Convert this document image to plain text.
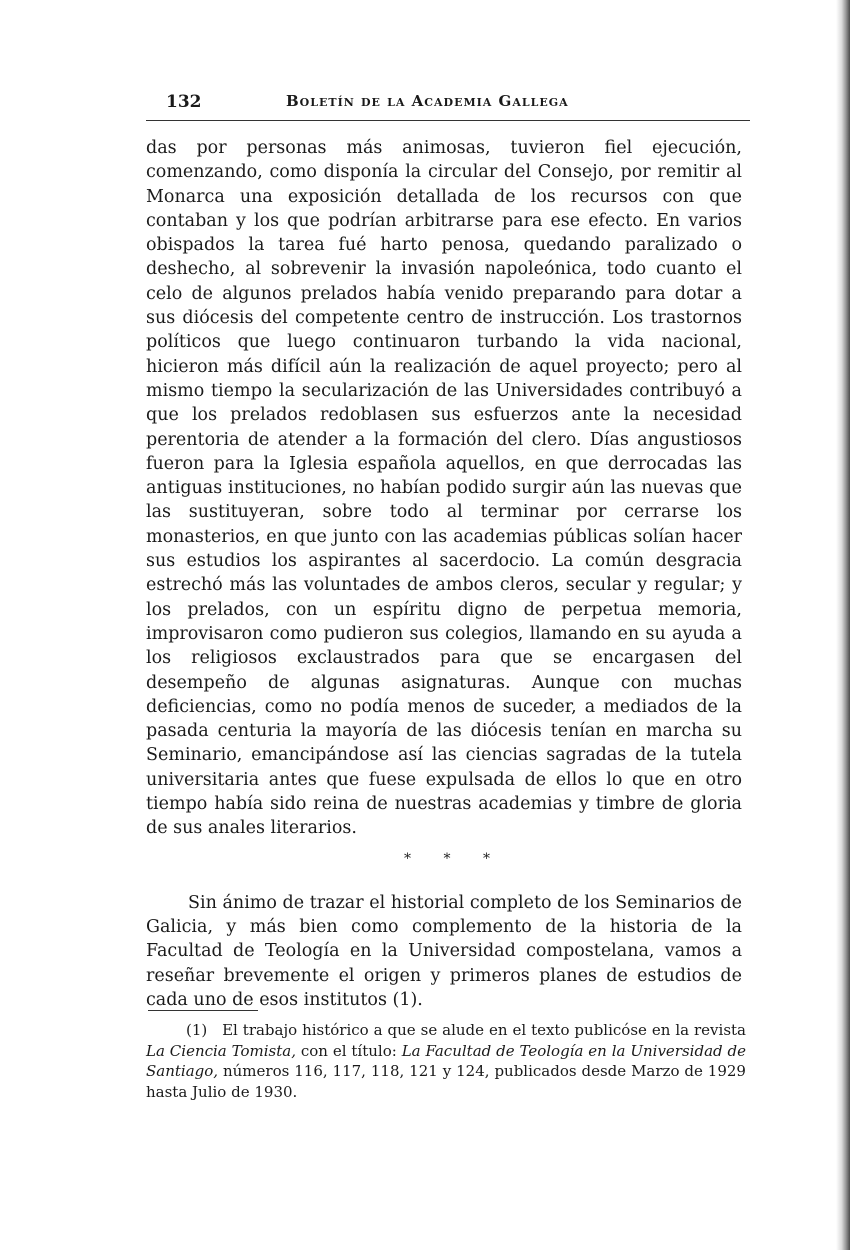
132	Boletín de la Academia Gallega

das por personas más animosas, tuvieron fiel ejecución, comenzando, como disponía la circular del Consejo, por remitir al Monarca una exposición detallada de los recursos con que contaban y los que podrían arbitrarse para ese efecto. En varios obispados la tarea fué harto penosa, quedando paralizado o deshecho, al sobrevenir la invasión napoleónica, todo cuanto el celo de algunos prelados había venido preparando para dotar a sus diócesis del competente centro de instrucción. Los trastornos políticos que luego continuaron turbando la vida nacional, hicieron más difícil aún la realización de aquel proyecto; pero al mismo tiempo la secularización de las Universidades contribuyó a que los prelados redoblasen sus esfuerzos ante la necesidad perentoria de atender a la formación del clero. Días angustiosos fueron para la Iglesia española aquellos, en que derrocadas las antiguas instituciones, no habían podido surgir aún las nuevas que las sustituyeran, sobre todo al terminar por cerrarse los monasterios, en que junto con las academias públicas solían hacer sus estudios los aspirantes al sacerdocio. La común desgracia estrechó más las voluntades de ambos cleros, secular y regular; y los prelados, con un espíritu digno de perpetua memoria, improvisaron como pudieron sus colegios, llamando en su ayuda a los religiosos exclaustrados para que se encargasen del desempeño de algunas asignaturas. Aunque con muchas deficiencias, como no podía menos de suceder, a mediados de la pasada centuria la mayoría de las diócesis tenían en marcha su Seminario, emancipándose así las ciencias sagradas de la tutela universitaria antes que fuese expulsada de ellos lo que en otro tiempo había sido reina de nuestras academias y timbre de gloria de sus anales literarios.

* * *

Sin ánimo de trazar el historial completo de los Seminarios de Galicia, y más bien como complemento de la historia de la Facultad de Teología en la Universidad compostelana, vamos a reseñar brevemente el origen y primeros planes de estudios de cada uno de esos institutos (1).

(1) El trabajo histórico a que se alude en el texto publicóse en la revista La Ciencia Tomista, con el título: La Facultad de Teología en la Universidad de Santiago, números 116, 117, 118, 121 y 124, publicados desde Marzo de 1929 hasta Julio de 1930.
